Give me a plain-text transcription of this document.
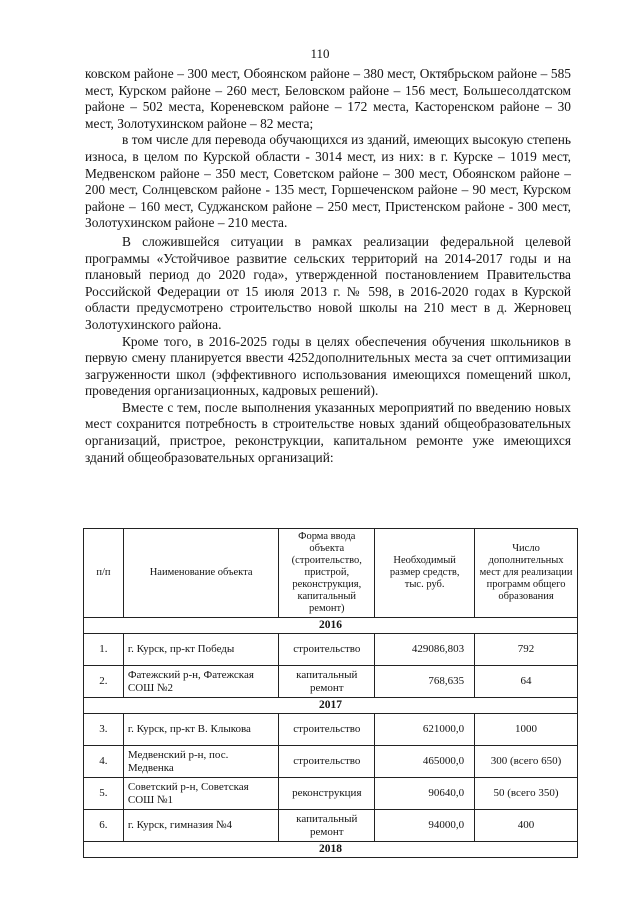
110

ковском районе – 300 мест, Обоянском районе – 380 мест, Октябрьском районе – 585 мест, Курском районе – 260 мест, Беловском районе – 156 мест, Большесолдатском районе – 502 места, Кореневском районе – 172 места, Касторенском районе – 30 мест, Золотухинском районе – 82 места;

в том числе для перевода обучающихся из зданий, имеющих высокую степень износа, в целом по Курской области - 3014 мест, из них: в г. Курске – 1019 мест, Медвенском районе – 350 мест, Советском районе – 300 мест, Обоянском районе – 200 мест, Солнцевском районе - 135 мест, Горшеченском районе – 90 мест, Курском районе – 160 мест, Суджанском районе – 250 мест, Пристенском районе - 300 мест, Золотухинском районе – 210 места.

В сложившейся ситуации в рамках реализации федеральной целевой программы «Устойчивое развитие сельских территорий на 2014-2017 годы и на плановый период до 2020 года», утвержденной постановлением Правительства Российской Федерации от 15 июля 2013 г. № 598, в 2016-2020 годах в Курской области предусмотрено строительство новой школы на 210 мест в д. Жерновец Золотухинского района.

Кроме того, в 2016-2025 годы в целях обеспечения обучения школьников в первую смену планируется ввести 4252дополнительных места за счет оптимизации загруженности школ (эффективного использования имеющихся помещений школ, проведения организационных, кадровых решений).

Вместе с тем, после выполнения указанных мероприятий по введению новых мест сохранится потребность в строительстве новых зданий общеобразовательных организаций, пристрое, реконструкции, капитальном ремонте уже имеющихся зданий общеобразовательных организаций:

п/п	Наименование объекта	Форма ввода объекта (строительство, пристрой, реконструкция, капитальный ремонт)	Необходимый размер средств, тыс. руб.	Число дополнительных мест для реализации программ общего образования
2016				
1.	г. Курск, пр-кт Победы	строительство	429086,803	792
2.	Фатежский р-н, Фатежская СОШ №2	капитальный ремонт	768,635	64
2017				
3.	г. Курск, пр-кт В. Клыкова	строительство	621000,0	1000
4.	Медвенский р-н, пос. Медвенка	строительство	465000,0	300 (всего 650)
5.	Советский р-н, Советская СОШ №1	реконструкция	90640,0	50 (всего 350)
6.	г. Курск, гимназия №4	капитальный ремонт	94000,0	400
2018				
